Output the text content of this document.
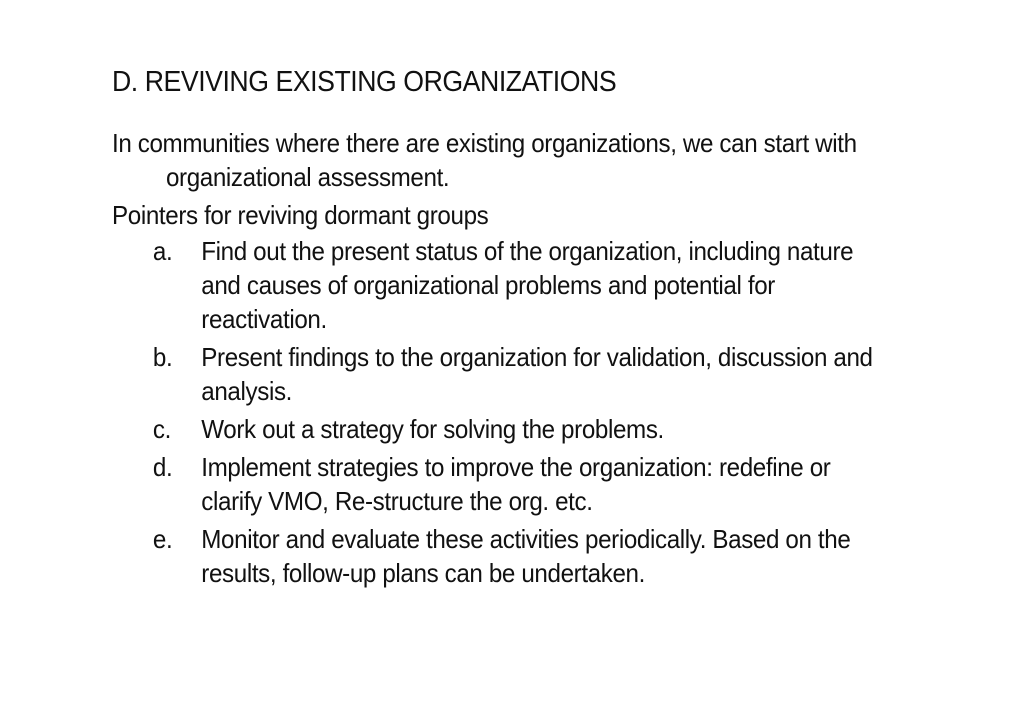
D. REVIVING EXISTING ORGANIZATIONS
In communities where there are existing organizations, we can start with organizational assessment.
Pointers for reviving dormant groups
a.	Find out the present status of the organization, including nature and causes of organizational problems and potential for reactivation.
b.	Present findings to the organization for validation, discussion and analysis.
c.	Work out a strategy for solving the problems.
d.	Implement strategies to improve the organization: redefine or clarify VMO, Re-structure the org. etc.
e.	Monitor and evaluate these activities periodically. Based on the results, follow-up plans can be undertaken.
